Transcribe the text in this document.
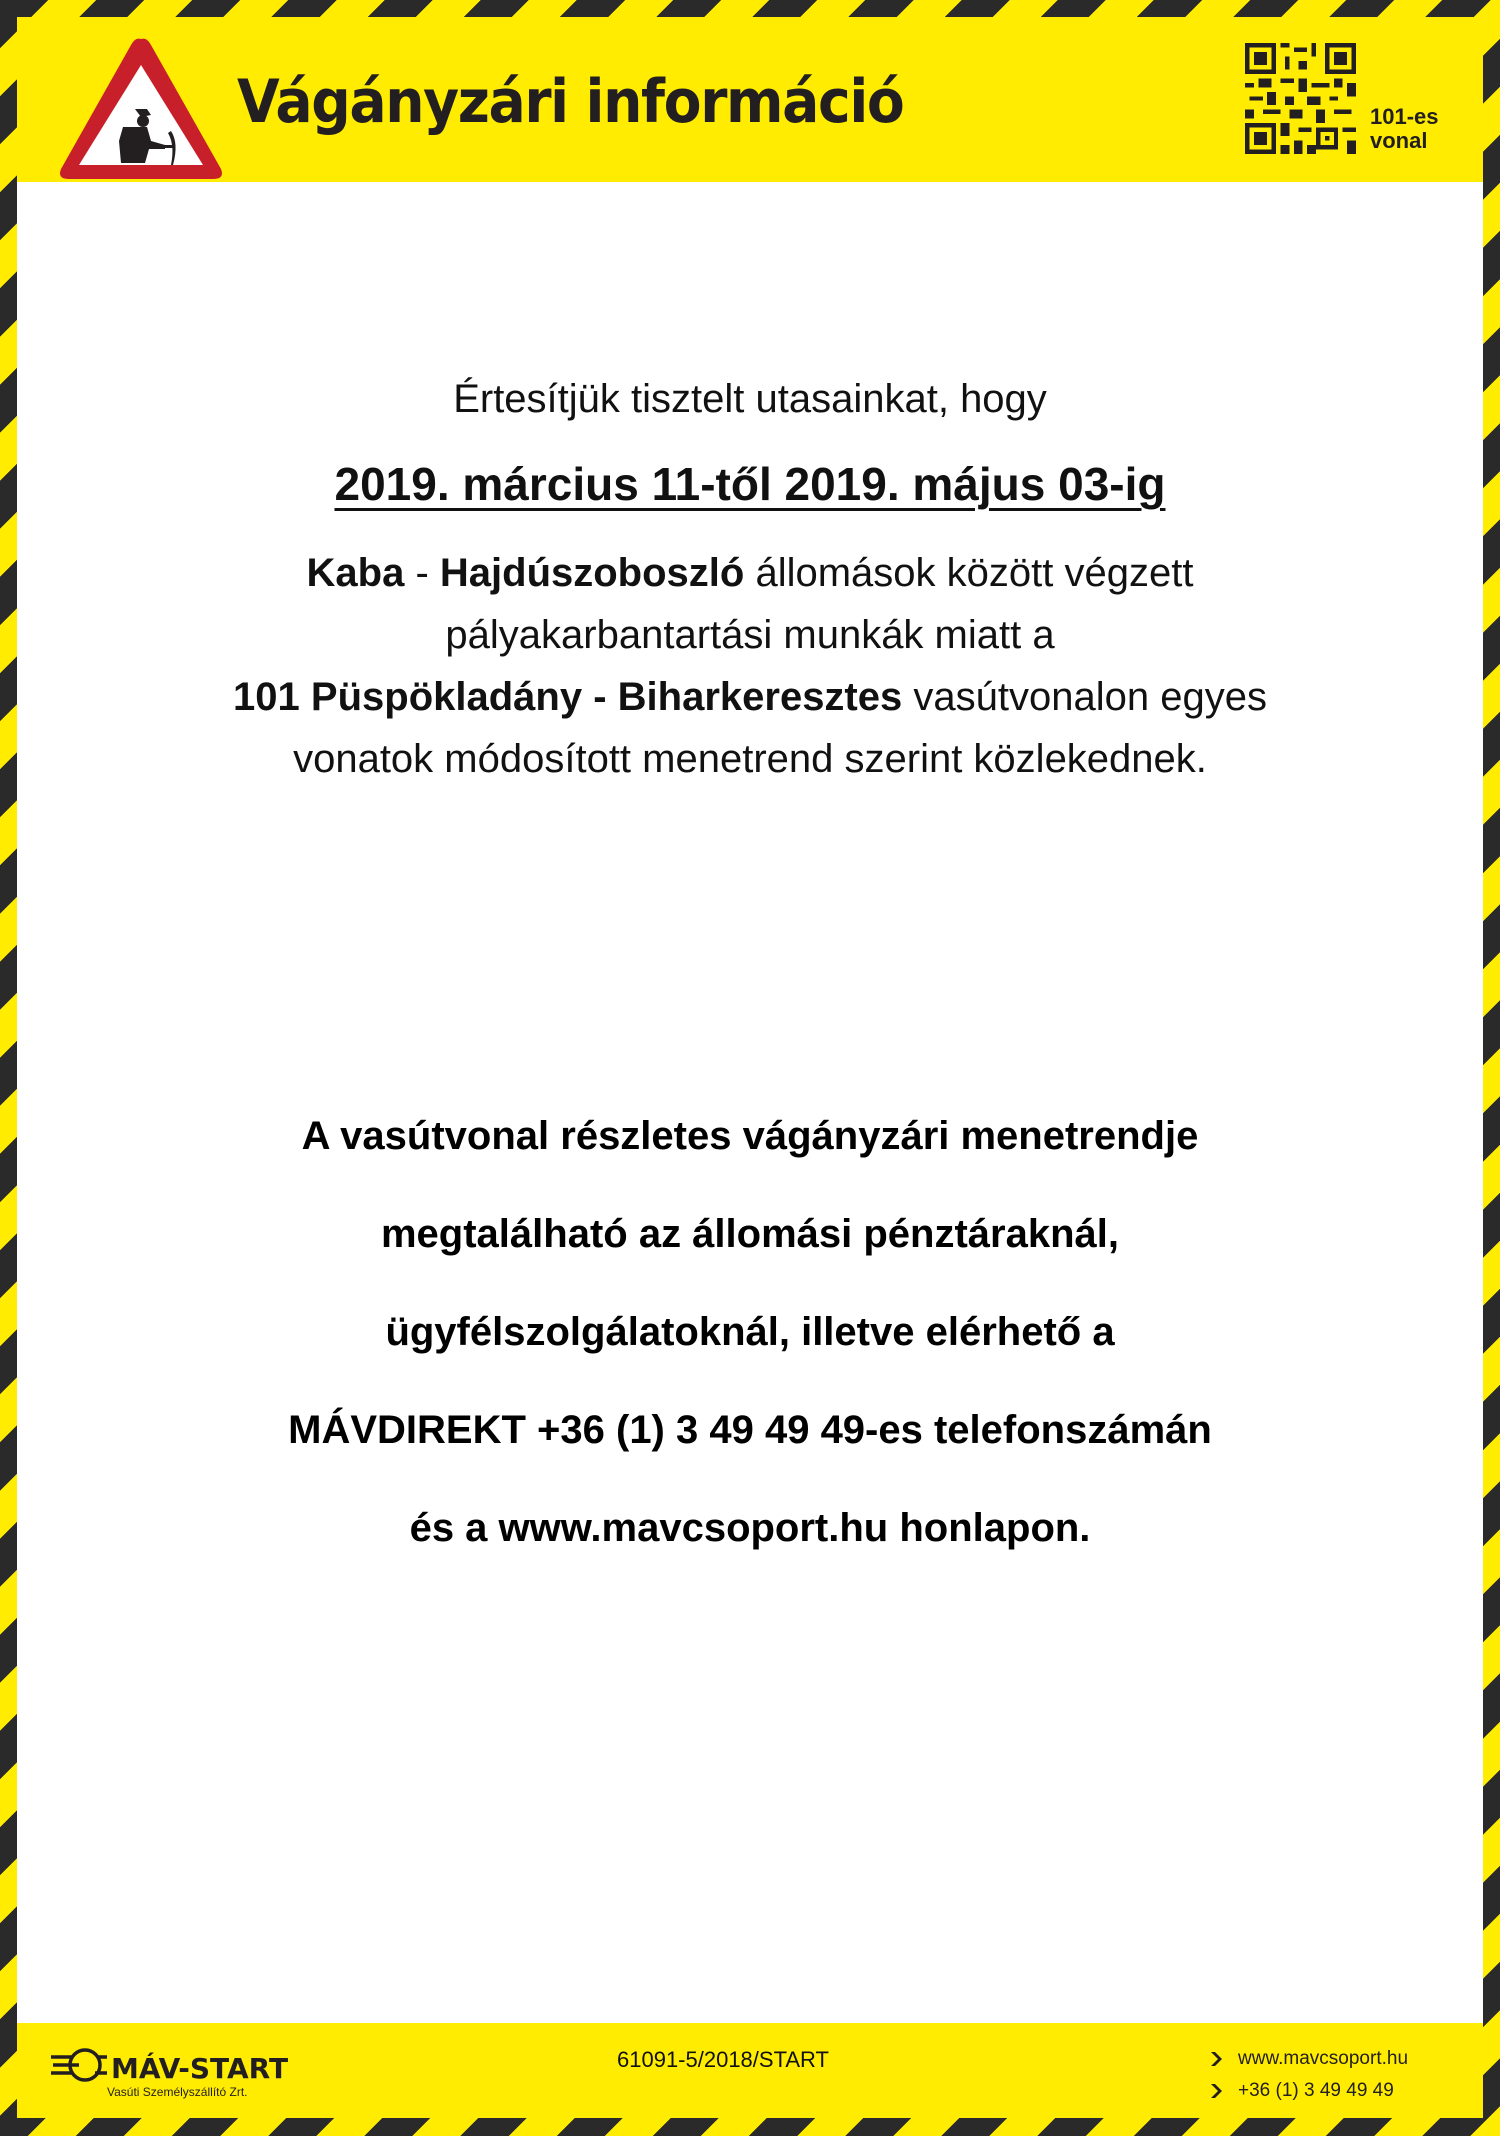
Vágányzári információ	101-es
vonal
Értesítjük tisztelt utasainkat, hogy
2019. március 11-től 2019. május 03-ig
Kaba - Hajdúszoboszló állomások között végzett
pályakarbantartási munkák miatt a
101 Püspökladány - Biharkeresztes vasútvonalon egyes
vonatok módosított menetrend szerint közlekednek.
A vasútvonal részletes vágányzári menetrendje
megtalálható az állomási pénztáraknál,
ügyfélszolgálatoknál, illetve elérhető a
MÁVDIREKT +36 (1) 3 49 49 49-es telefonszámán
és a www.mavcsoport.hu honlapon.
MÁV-START
Vasúti Személyszállító Zrt.
61091-5/2018/START	www.mavcsoport.hu
+36 (1) 3 49 49 49
